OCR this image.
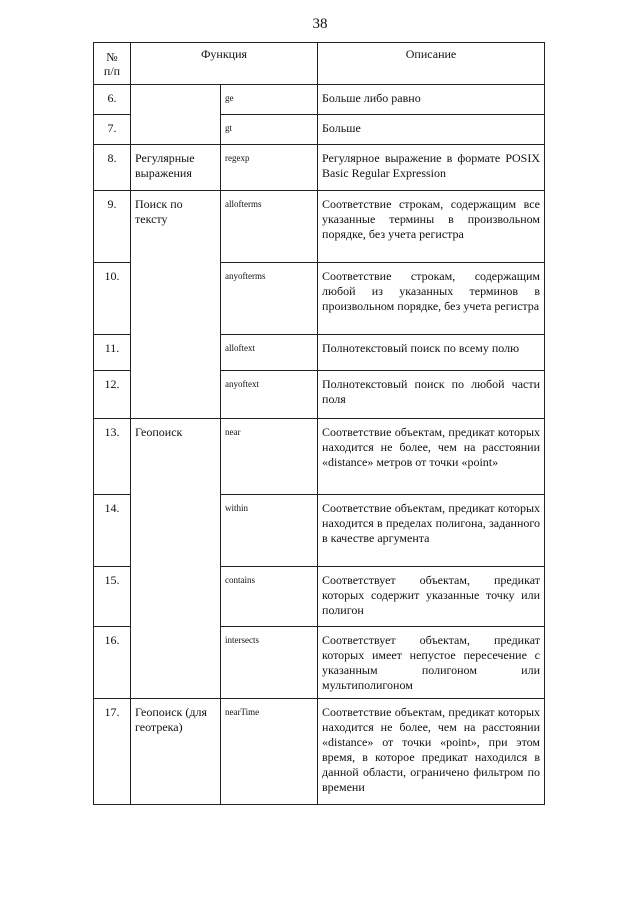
38
№ п/п	Функция		Описание
6.		ge	Больше либо равно

7.		gt	Больше

8.	Регулярные выражения	regexp	Регулярное выражение в формате POSIX Basic Regular Expression

9.	Поиск по тексту	allofterms	Соответствие строкам, содержащим все указанные термины в произвольном порядке, без учета регистра

10.		anyofterms	Соответствие строкам, содержащим любой из указанных терминов в произвольном порядке, без учета регистра

11.		alloftext	Полнотекстовый поиск по всему полю

12.		anyoftext	Полнотекстовый поиск по любой части поля

13.	Геопоиск	near	Соответствие объектам, предикат которых находится не более, чем на расстоянии «distance» метров от точки «point»

14.		within	Соответствие объектам, предикат которых находится в пределах полигона, заданного в качестве аргумента

15.		contains	Соответствует объектам, предикат которых содержит указанные точку или полигон

16.		intersects	Соответствует объектам, предикат которых имеет непустое пересечение с указанным полигоном или мультиполигоном

17.	Геопоиск (для геотрека)	nearTime	Соответствие объектам, предикат которых находится не более, чем на расстоянии «distance» от точки «point», при этом время, в которое предикат находился в данной области, ограничено фильтром по времени
